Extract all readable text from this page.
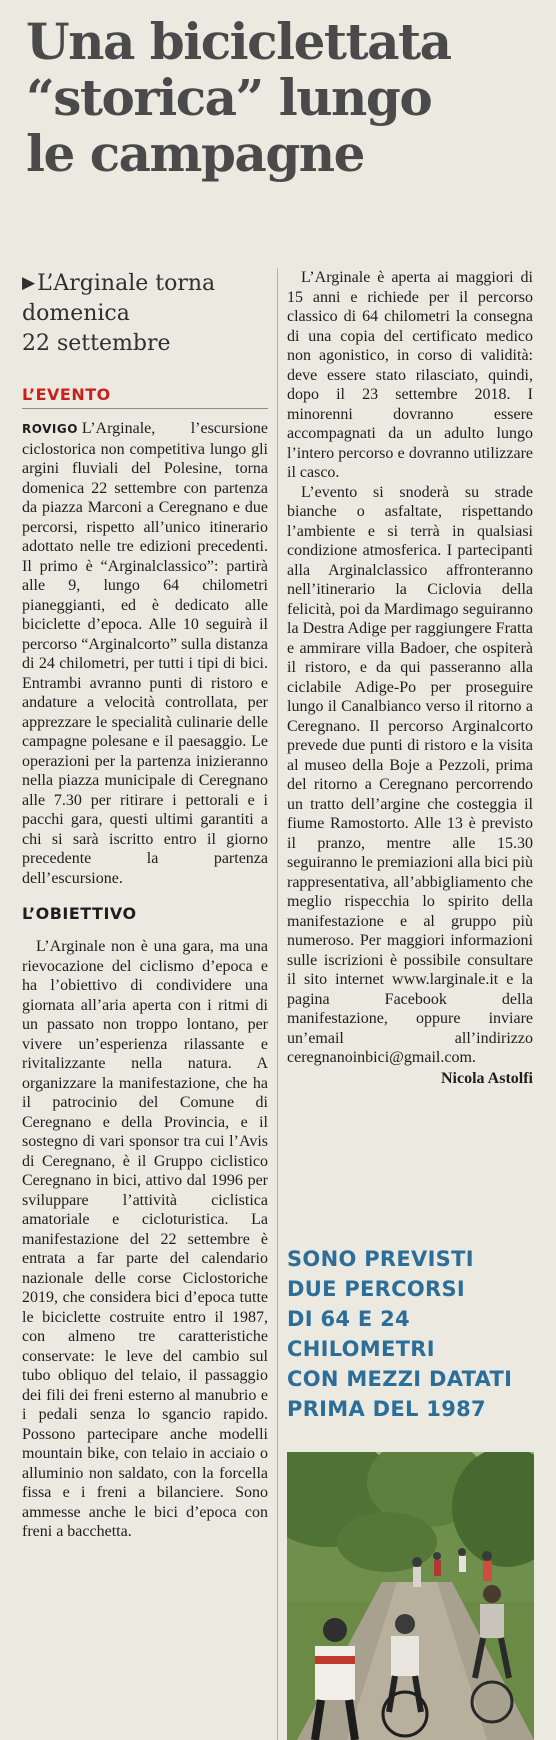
Una biciclettata
“storica” lungo
le campagne
▶L’Arginale torna
domenica
22 settembre
L’EVENTO

ROVIGO L’Arginale, l’escursione ciclostorica non competitiva lungo gli argini fluviali del Polesine, torna domenica 22 settembre con partenza da piazza Marconi a Ceregnano e due percorsi, rispetto all’unico itinerario adottato nelle tre edizioni precedenti. Il primo è “Arginalclassico”: partirà alle 9, lungo 64 chilometri pianeggianti, ed è dedicato alle biciclette d’epoca. Alle 10 seguirà il percorso “Arginalcorto” sulla distanza di 24 chilometri, per tutti i tipi di bici. Entrambi avranno punti di ristoro e andature a velocità controllata, per apprezzare le specialità culinarie delle campagne polesane e il paesaggio. Le operazioni per la partenza inizieranno nella piazza municipale di Ceregnano alle 7.30 per ritirare i pettorali e i pacchi gara, questi ultimi garantiti a chi si sarà iscritto entro il giorno precedente la partenza dell’escursione.

L’OBIETTIVO

L’Arginale non è una gara, ma una rievocazione del ciclismo d’epoca e ha l’obiettivo di condividere una giornata all’aria aperta con i ritmi di un passato non troppo lontano, per vivere un’esperienza rilassante e rivitalizzante nella natura. A organizzare la manifestazione, che ha il patrocinio del Comune di Ceregnano e della Provincia, e il sostegno di vari sponsor tra cui l’Avis di Ceregnano, è il Gruppo ciclistico Ceregnano in bici, attivo dal 1996 per sviluppare l’attività ciclistica amatoriale e cicloturistica. La manifestazione del 22 settembre è entrata a far parte del calendario nazionale delle corse Ciclostoriche 2019, che considera bici d’epoca tutte le biciclette costruite entro il 1987, con almeno tre caratteristiche conservate: le leve del cambio sul tubo obliquo del telaio, il passaggio dei fili dei freni esterno al manubrio e i pedali senza lo sgancio rapido. Possono partecipare anche modelli mountain bike, con telaio in acciaio o alluminio non saldato, con la forcella fissa e i freni a bilanciere. Sono ammesse anche le bici d’epoca con freni a bacchetta.

L’Arginale è aperta ai maggiori di 15 anni e richiede per il percorso classico di 64 chilometri la consegna di una copia del certificato medico non agonistico, in corso di validità: deve essere stato rilasciato, quindi, dopo il 23 settembre 2018. I minorenni dovranno essere accompagnati da un adulto lungo l’intero percorso e dovranno utilizzare il casco.

L’evento si snoderà su strade bianche o asfaltate, rispettando l’ambiente e si terrà in qualsiasi condizione atmosferica. I partecipanti alla Arginalclassico affronteranno nell’itinerario la Ciclovia della felicità, poi da Mardimago seguiranno la Destra Adige per raggiungere Fratta e ammirare villa Badoer, che ospiterà il ristoro, e da qui passeranno alla ciclabile Adige-Po per proseguire lungo il Canalbianco verso il ritorno a Ceregnano. Il percorso Arginalcorto prevede due punti di ristoro e la visita al museo della Boje a Pezzoli, prima del ritorno a Ceregnano percorrendo un tratto dell’argine che costeggia il fiume Ramostorto. Alle 13 è previsto il pranzo, mentre alle 15.30 seguiranno le premiazioni alla bici più rappresentativa, all’abbigliamento che meglio rispecchia lo spirito della manifestazione e al gruppo più numeroso. Per maggiori informazioni sulle iscrizioni è possibile consultare il sito internet www.larginale.it e la pagina Facebook della manifestazione, oppure inviare un’email all’indirizzo ceregnanoinbici@gmail.com.

Nicola Astolfi
SONO PREVISTI
DUE PERCORSI
DI 64 E 24
CHILOMETRI
CON MEZZI DATATI
PRIMA DEL 1987
